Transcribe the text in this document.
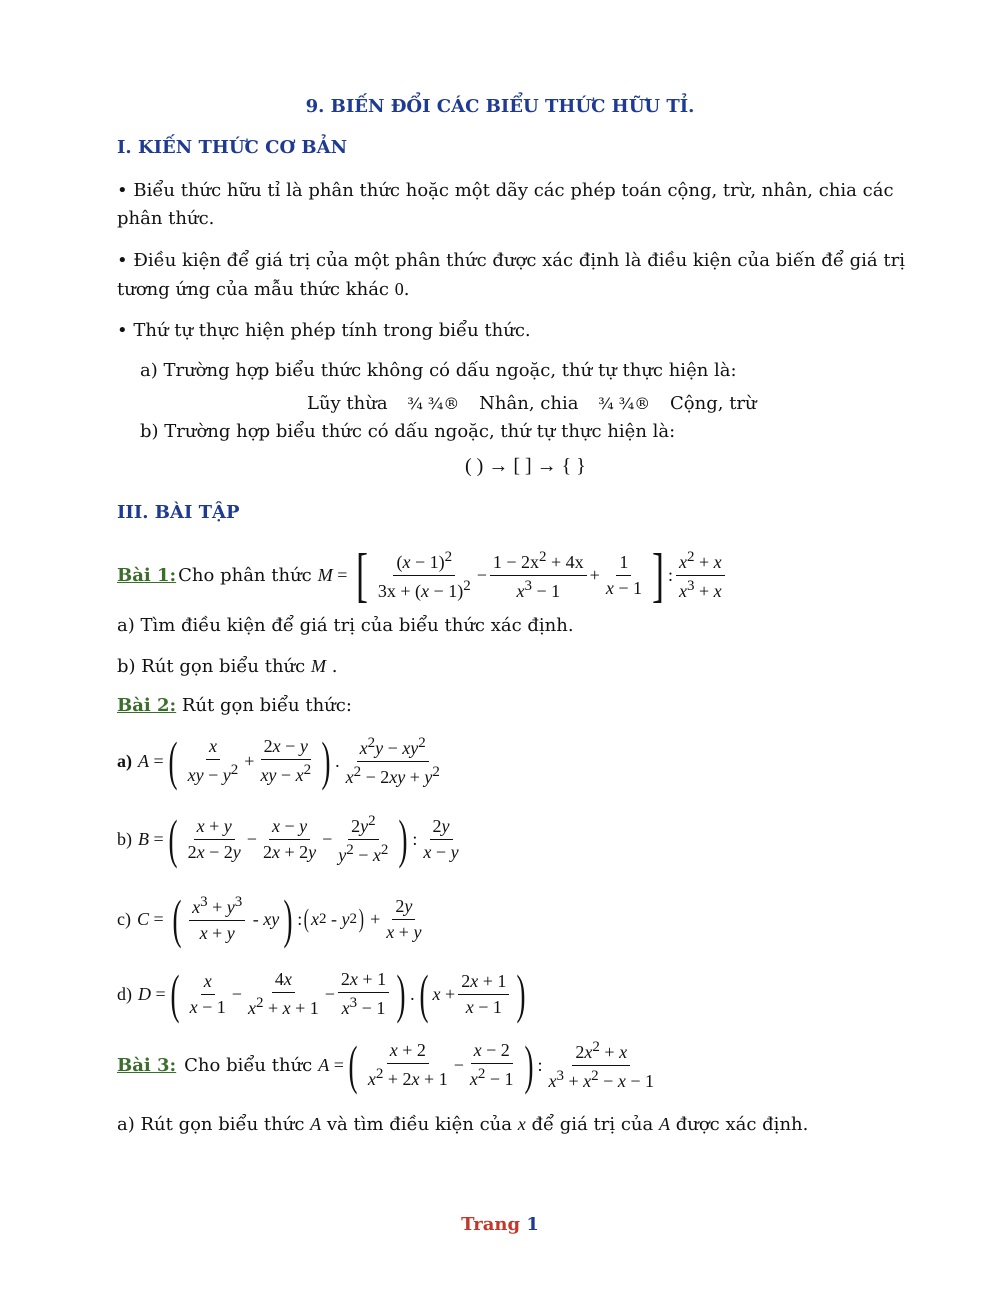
9. BIẾN ĐỔI CÁC BIỂU THỨC HỮU TỈ.
I. KIẾN THỨC CƠ BẢN
• Biểu thức hữu tỉ là phân thức hoặc một dãy các phép toán cộng, trừ, nhân, chia các phân thức.
• Điều kiện để giá trị của một phân thức được xác định là điều kiện của biến để giá trị tương ứng của mẫu thức khác 0.
• Thứ tự thực hiện phép tính trong biểu thức.
a) Trường hợp biểu thức không có dấu ngoặc, thứ tự thực hiện là:
Lũy thừa ¾ ¾® Nhân, chia ¾ ¾® Cộng, trừ
b) Trường hợp biểu thức có dấu ngoặc, thứ tự thực hiện là:
( ) → [ ] → { }
III. BÀI TẬP
Bài 1: Cho phân thức M = [ $(x - 1)^2$
$3x + (x - 1)^2$
−
$1 - 2x^2 + 4x$
$x^3 - 1$
+
1
x − 1 ] :
$x^2 + x$
$x^3 + x$
a) Tìm điều kiện để giá trị của biểu thức xác định.
b) Rút gọn biểu thức M .
Bài 2: Rút gọn biểu thức:
a) A = ( x
xy − $y^2$ +
2x − y
xy − $x^2$ ) .
$x^2y - xy^2$
$x^2 - 2xy + y^2$
b) B = ( x + y
2x − 2y
−
x − y
2x + 2y
−
$2y^2$
$y^2 - x^2$ ) :
2y
x − y
c) C = ( $x^3 + y^3$
x + y
- xy ) : ( x 2 - y 2 ) +
2y
x + y
d) D = ( x
x − 1
−
4x
$x^2 + x + 1$
−
2x + 1
$x^3 - 1$ ) . ( x +
2x + 1
x − 1 )
Bài 3: Cho biểu thức A = ( x + 2
$x^2 + 2x + 1$
−
x − 2
$x^2 - 1$ ) :
$2x^2 + x$
$x^3 + x^2 - x - 1$
a) Rút gọn biểu thức A và tìm điều kiện của x để giá trị của A được xác định.
Trang 1
